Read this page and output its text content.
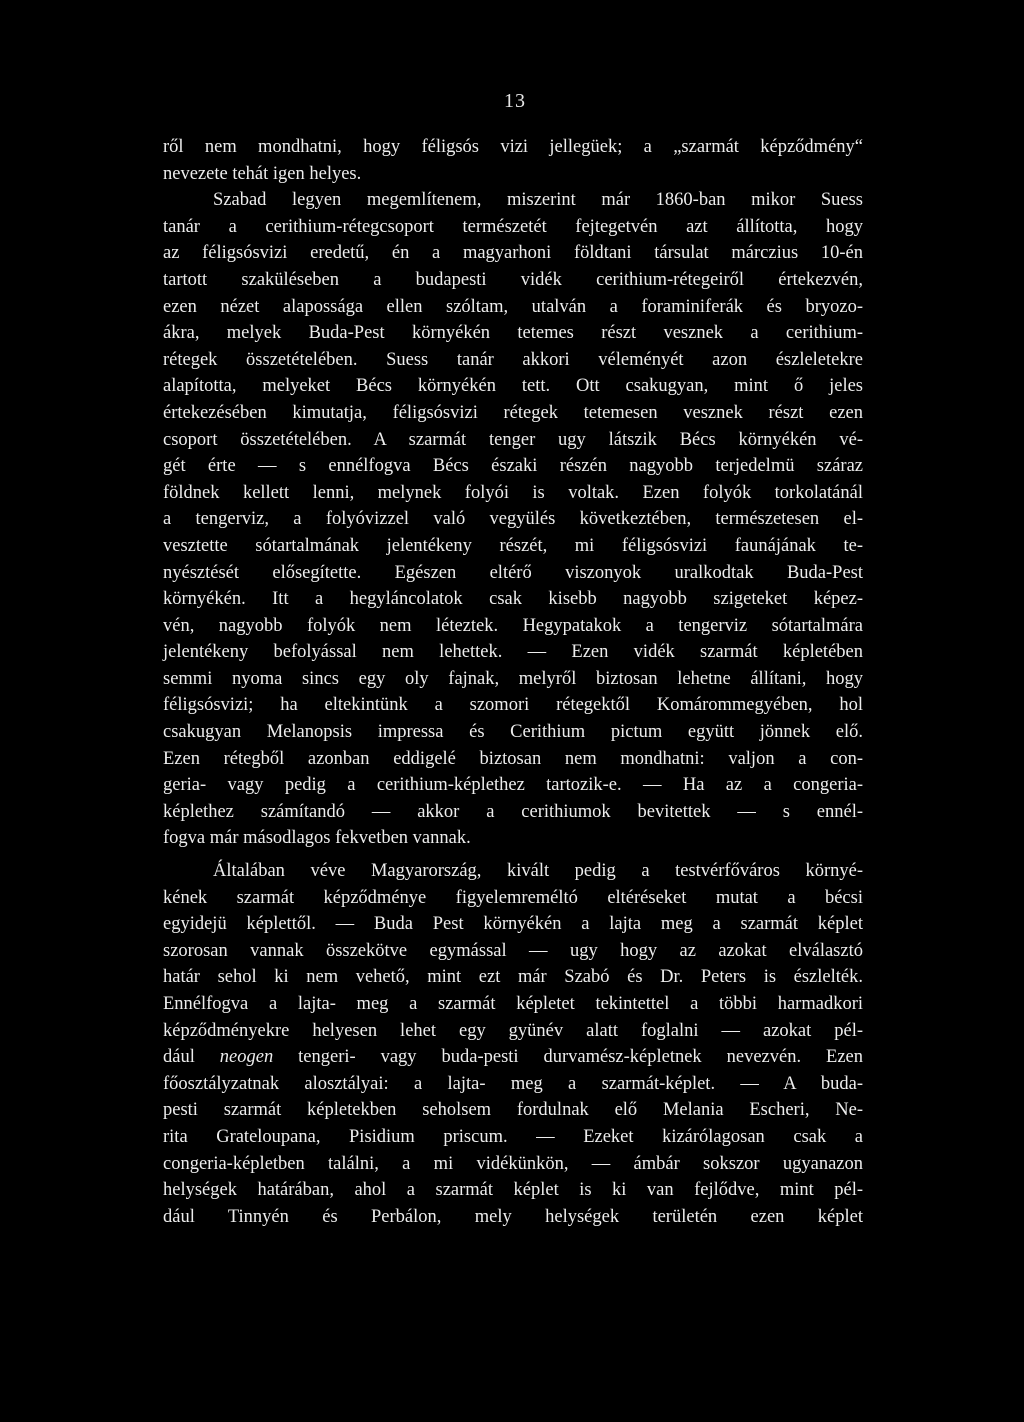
13
ről nem mondhatni, hogy féligsós vizi jellegüek; a „szarmát képződmény“
nevezete tehát igen helyes.
Szabad legyen megemlítenem, miszerint már 1860-ban mikor Suess
tanár a cerithium-rétegcsoport természetét fejtegetvén azt állította, hogy
az féligsósvizi eredetű, én a magyarhoni földtani társulat márczius 10-én
tartott szaküléseben a budapesti vidék cerithium-rétegeiről értekezvén,
ezen nézet alapossága ellen szóltam, utalván a foraminiferák és bryozo-
ákra, melyek Buda-Pest környékén tetemes részt vesznek a cerithium-
rétegek összetételében. Suess tanár akkori véleményét azon észleletekre
alapította, melyeket Bécs környékén tett. Ott csakugyan, mint ő jeles
értekezésében kimutatja, féligsósvizi rétegek tetemesen vesznek részt ezen
csoport összetételében. A szarmát tenger ugy látszik Bécs környékén vé-
gét érte — s ennélfogva Bécs északi részén nagyobb terjedelmü száraz
földnek kellett lenni, melynek folyói is voltak. Ezen folyók torkolatánál
a tengerviz, a folyóvizzel való vegyülés következtében, természetesen el-
vesztette sótartalmának jelentékeny részét, mi féligsósvizi faunájának te-
nyésztését elősegítette. Egészen eltérő viszonyok uralkodtak Buda-Pest
környékén. Itt a hegyláncolatok csak kisebb nagyobb szigeteket képez-
vén, nagyobb folyók nem léteztek. Hegypatakok a tengerviz sótartalmára
jelentékeny befolyással nem lehettek. — Ezen vidék szarmát képletében
semmi nyoma sincs egy oly fajnak, melyről biztosan lehetne állítani, hogy
féligsósvizi; ha eltekintünk a szomori rétegektől Komárommegyében, hol
csakugyan Melanopsis impressa és Cerithium pictum együtt jönnek elő.
Ezen rétegből azonban eddigelé biztosan nem mondhatni: valjon a con-
geria- vagy pedig a cerithium-képlethez tartozik-e. — Ha az a congeria-
képlethez számítandó — akkor a cerithiumok bevitettek — s ennél-
fogva már másodlagos fekvetben vannak.
Általában véve Magyarország, kivált pedig a testvérfőváros környé-
kének szarmát képződménye figyelemreméltó eltéréseket mutat a bécsi
egyidejü képlettől. — Buda Pest környékén a lajta meg a szarmát képlet
szorosan vannak összekötve egymással — ugy hogy az azokat elválasztó
határ sehol ki nem vehető, mint ezt már Szabó és Dr. Peters is észlelték.
Ennélfogva a lajta- meg a szarmát képletet tekintettel a többi harmadkori
képződményekre helyesen lehet egy gyünév alatt foglalni — azokat pél-
dául neogen tengeri- vagy buda-pesti durvamész-képletnek nevezvén. Ezen
főosztályzatnak alosztályai: a lajta- meg a szarmát-képlet. — A buda-
pesti szarmát képletekben seholsem fordulnak elő Melania Escheri, Ne-
rita Grateloupana, Pisidium priscum. — Ezeket kizárólagosan csak a
congeria-képletben találni, a mi vidékünkön, — ámbár sokszor ugyanazon
helységek határában, ahol a szarmát képlet is ki van fejlődve, mint pél-
dául Tinnyén és Perbálon, mely helységek területén ezen képlet
